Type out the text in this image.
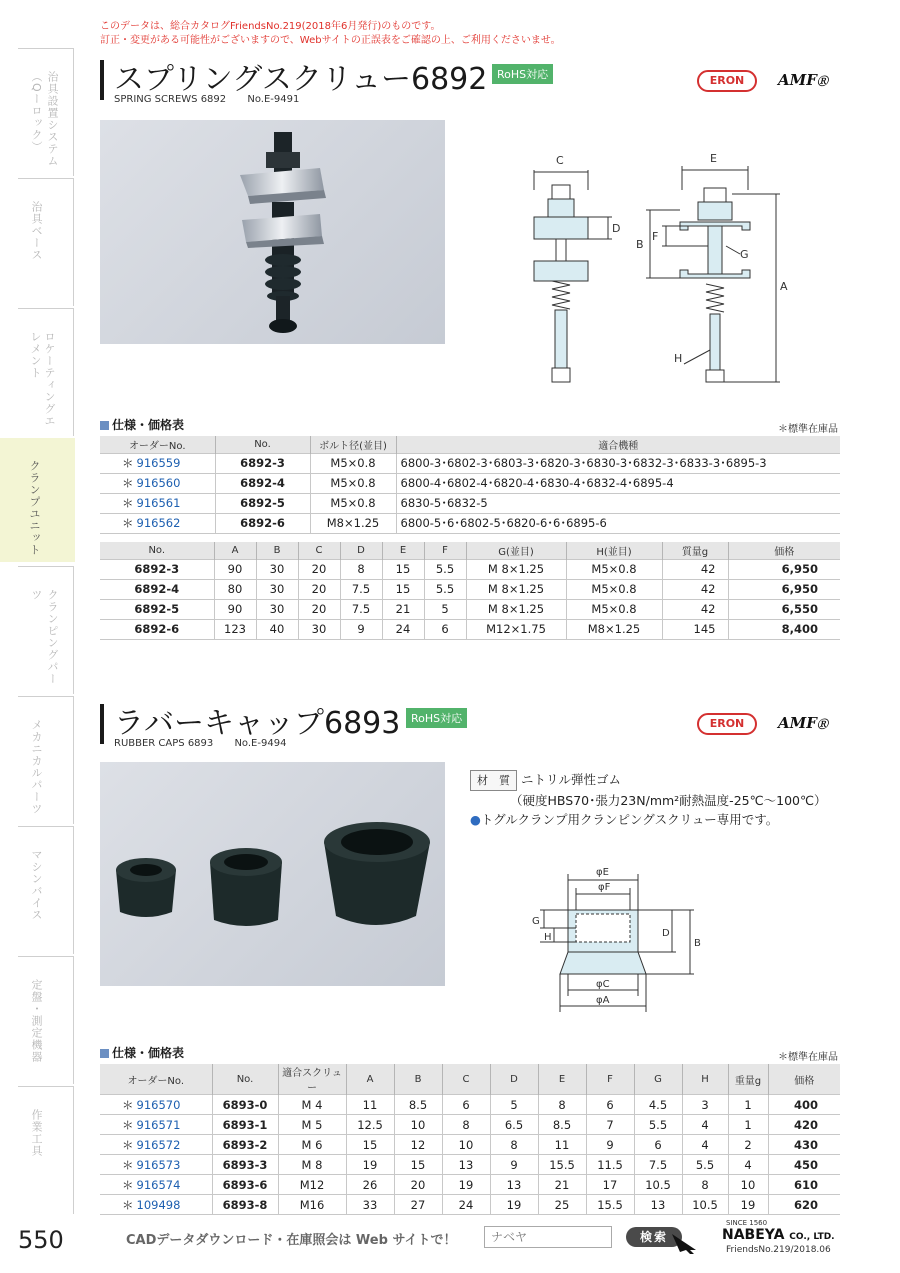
このデータは、総合カタログFriendsNo.219(2018年6月発行)のものです。
訂正・変更がある可能性がございますので、Webサイトの正誤表をご確認の上、ご利用くださいませ。
治具設置システム（Qーロック）
治具ベース
ロケーティングエレメント
クランプユニット
クランピングパーツ
メカニカルパーツ
マシンバイス
定盤・測定機器
作業工具
スプリングスクリュー6892 RoHS対応
SPRING SCREWS 6892 No.E-9491
ERON	AMFⓇ
C
D
E
B
F
G
A
H
仕様・価格表	＊標準在庫品
オーダーNo.	No.	ボルト径(並目)	適合機種
＊ 916559	6892-3	M5×0.8	6800-3･6802-3･6803-3･6820-3･6830-3･6832-3･6833-3･6895-3
＊ 916560	6892-4	M5×0.8	6800-4･6802-4･6820-4･6830-4･6832-4･6895-4
＊ 916561	6892-5	M5×0.8	6830-5･6832-5
＊ 916562	6892-6	M8×1.25	6800-5･6･6802-5･6820-6･6･6895-6
No.	A	B	C	D	E	F	G(並目)	H(並目)	質量g	価格
6892-3	90	30	20	8	15	5.5	M 8×1.25	M5×0.8	42	6,950
6892-4	80	30	20	7.5	15	5.5	M 8×1.25	M5×0.8	42	6,950
6892-5	90	30	20	7.5	21	5	M 8×1.25	M5×0.8	42	6,550
6892-6	123	40	30	9	24	6	M12×1.75	M8×1.25	145	8,400
ラバーキャップ6893 RoHS対応
RUBBER CAPS 6893 No.E-9494
ERON	AMFⓇ
材　質 ニトリル弾性ゴム
（硬度HBS70･張力23N/mm²耐熱温度-25℃～100℃）
●トグルクランプ用クランピングスクリュー専用です。
φE
φF
G
H	D
B
φC
φA
仕様・価格表	＊標準在庫品
オーダーNo.	No.	適合スクリュー	A	B	C	D	E	F	G	H	重量g	価格
＊ 916570	6893-0	M 4	11	8.5	6	5	8	6	4.5	3	1	400
＊ 916571	6893-1	M 5	12.5	10	8	6.5	8.5	7	5.5	4	1	420
＊ 916572	6893-2	M 6	15	12	10	8	11	9	6	4	2	430
＊ 916573	6893-3	M 8	19	15	13	9	15.5	11.5	7.5	5.5	4	450
＊ 916574	6893-6	M12	26	20	19	13	21	17	10.5	8	10	610
＊ 109498	6893-8	M16	33	27	24	19	25	15.5	13	10.5	19	620
550	CADデータダウンロード・在庫照会は Web サイトで！
ナベヤ	検索
SINCE 1560
NABEYA CO., LTD.
FriendsNo.219/2018.06
